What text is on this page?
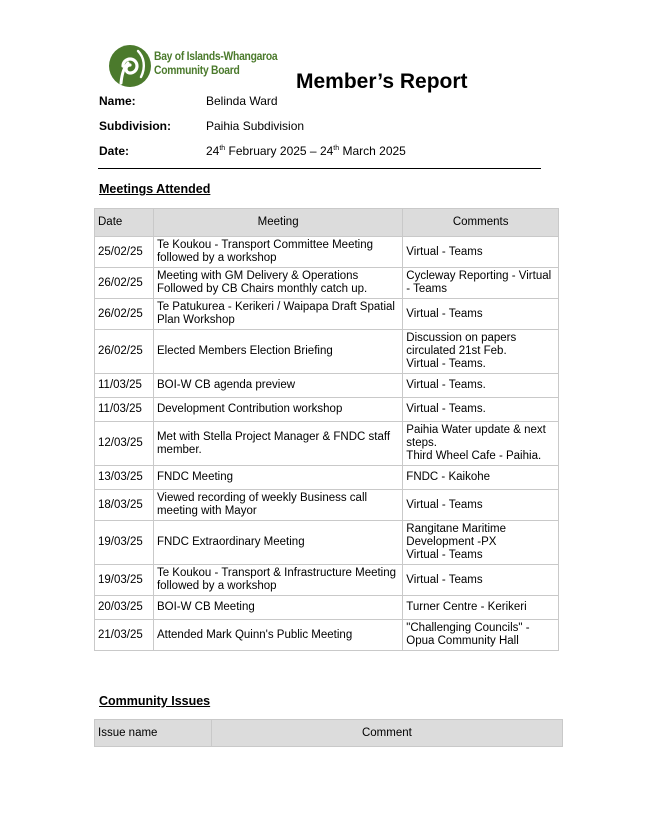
Bay of Islands-Whangaroa
Community Board	Member’s Report
Name:	Belinda Ward
Subdivision:	Paihia Subdivision
Date:	24th February 2025 – 24th March 2025
Meetings Attended
Date	Meeting	Comments
25/02/25	Te Koukou - Transport Committee Meeting followed by a workshop	Virtual - Teams
26/02/25	Meeting with GM Delivery & Operations Followed by CB Chairs monthly catch up.	Cycleway Reporting - Virtual - Teams
26/02/25	Te Patukurea - Kerikeri / Waipapa Draft Spatial Plan Workshop	Virtual - Teams
26/02/25	Elected Members Election Briefing	Discussion on papers circulated 21st Feb.
Virtual - Teams.
11/03/25	BOI-W CB agenda preview	Virtual - Teams.
11/03/25	Development Contribution workshop	Virtual - Teams.
12/03/25	Met with Stella Project Manager & FNDC staff member.	Paihia Water update & next steps.
Third Wheel Cafe - Paihia.
13/03/25	FNDC Meeting	FNDC - Kaikohe
18/03/25	Viewed recording of weekly Business call meeting with Mayor	Virtual - Teams
19/03/25	FNDC Extraordinary Meeting	Rangitane Maritime Development -PX
Virtual - Teams
19/03/25	Te Koukou - Transport & Infrastructure Meeting followed by a workshop	Virtual - Teams
20/03/25	BOI-W CB Meeting	Turner Centre - Kerikeri
21/03/25	Attended Mark Quinn's Public Meeting	"Challenging Councils" - Opua Community Hall
Community Issues
Issue name	Comment
